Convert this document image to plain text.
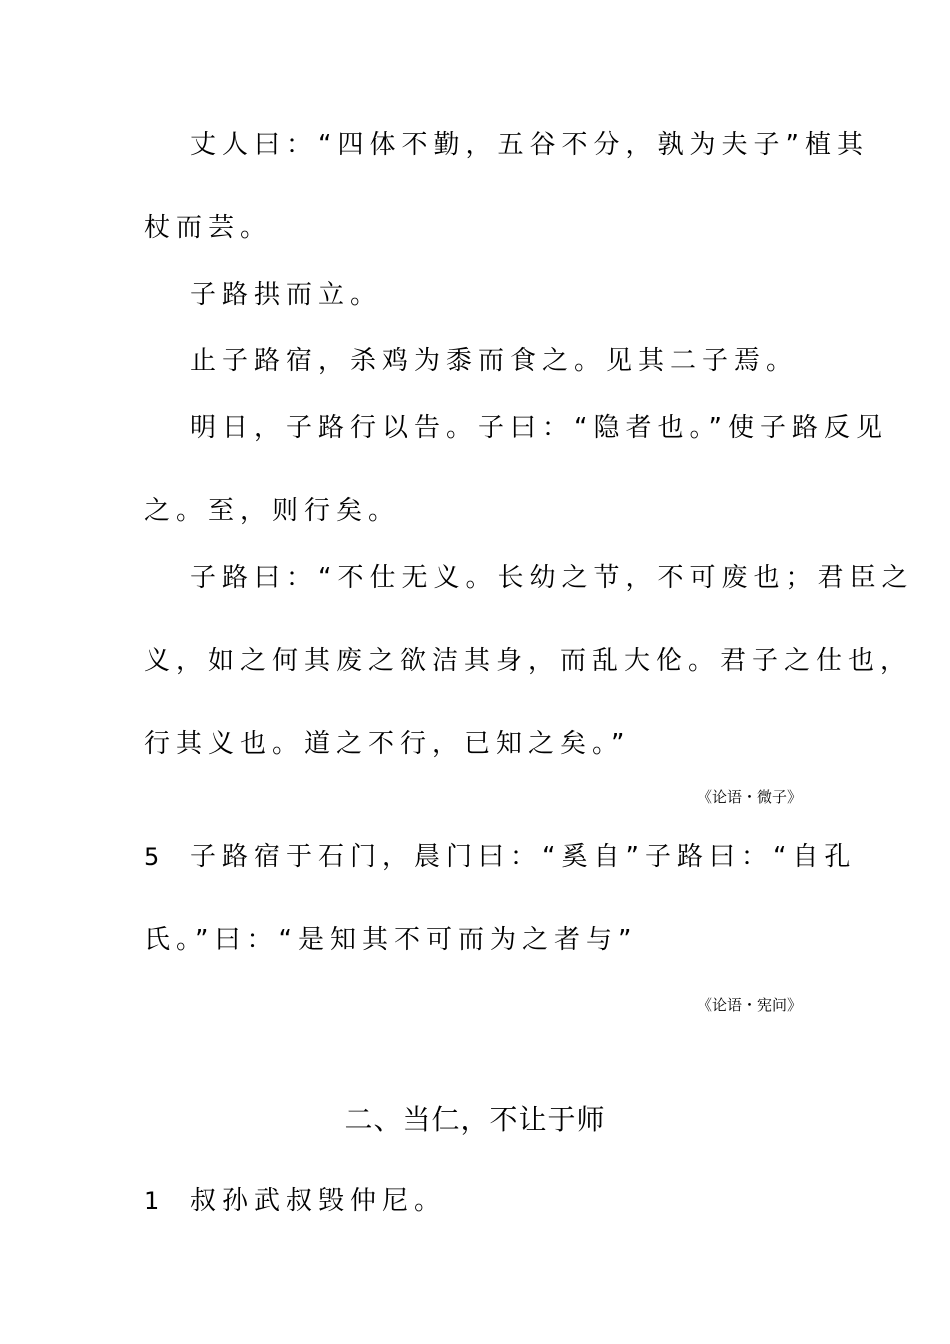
丈人曰：“四体不勤，五谷不分，孰为夫子”植其
杖而芸。
子路拱而立。
止子路宿，杀鸡为黍而食之。见其二子焉。
明日，子路行以告。子曰：“隐者也。”使子路反见
之。至，则行矣。
子路曰：“不仕无义。长幼之节，不可废也；君臣之
义，如之何其废之欲洁其身，而乱大伦。君子之仕也，
行其义也。道之不行，已知之矣。”
《论语・微子》
5 子路宿于石门，晨门曰：“奚自”子路曰：“自孔
氏。”曰：“是知其不可而为之者与”
《论语・宪问》
二、当仁，不让于师
1 叔孙武叔毁仲尼。
